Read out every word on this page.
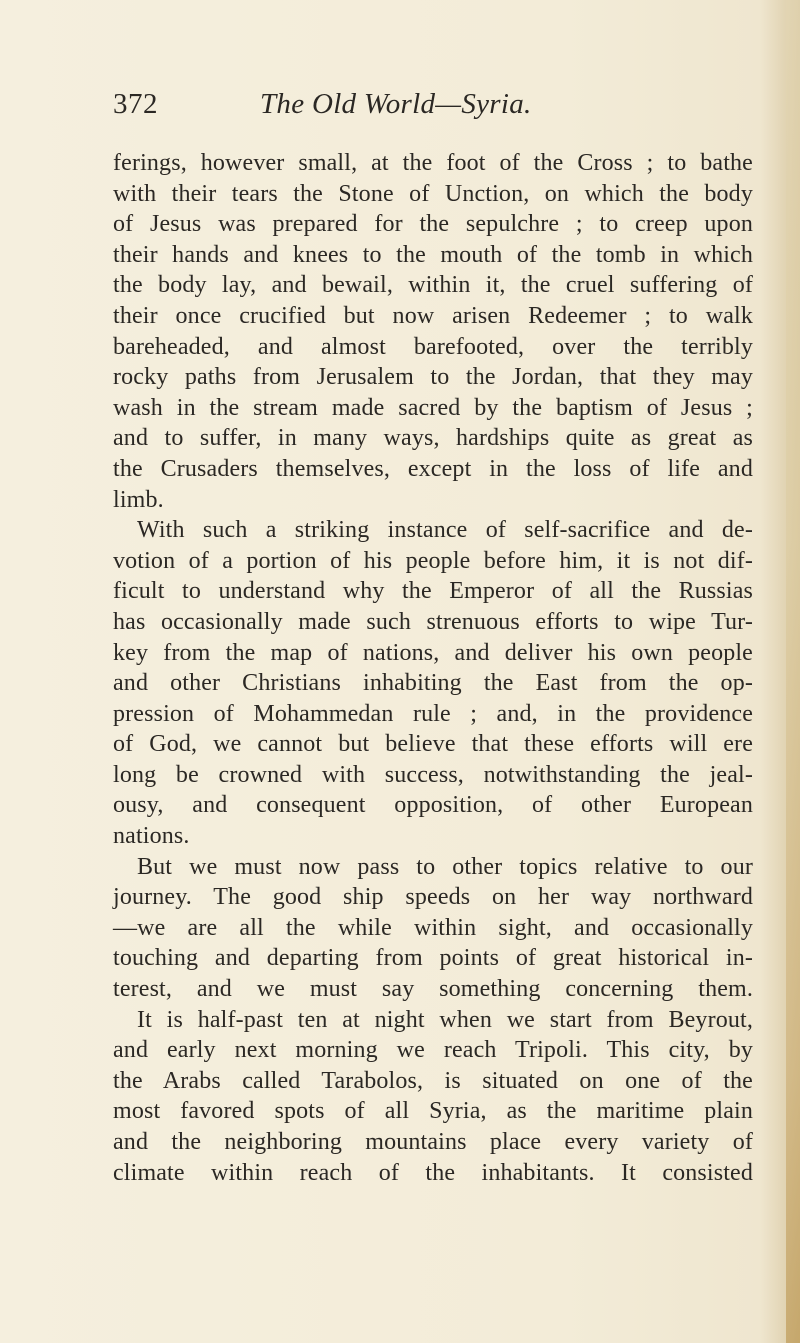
372	The Old World—Syria.
ferings, however small, at the foot of the Cross ; to bathe
with their tears the Stone of Unction, on which the body
of Jesus was prepared for the sepulchre ; to creep upon
their hands and knees to the mouth of the tomb in which
the body lay, and bewail, within it, the cruel suffering of
their once crucified but now arisen Redeemer ; to walk
bareheaded, and almost barefooted, over the terribly
rocky paths from Jerusalem to the Jordan, that they may
wash in the stream made sacred by the baptism of Jesus ;
and to suffer, in many ways, hardships quite as great as
the Crusaders themselves, except in the loss of life and
limb.
With such a striking instance of self-sacrifice and de-
votion of a portion of his people before him, it is not dif-
ficult to understand why the Emperor of all the Russias
has occasionally made such strenuous efforts to wipe Tur-
key from the map of nations, and deliver his own people
and other Christians inhabiting the East from the op-
pression of Mohammedan rule ; and, in the providence
of God, we cannot but believe that these efforts will ere
long be crowned with success, notwithstanding the jeal-
ousy, and consequent opposition, of other European
nations.
But we must now pass to other topics relative to our
journey. The good ship speeds on her way northward
—we are all the while within sight, and occasionally
touching and departing from points of great historical in-
terest, and we must say something concerning them.
It is half-past ten at night when we start from Beyrout,
and early next morning we reach Tripoli. This city, by
the Arabs called Tarabolos, is situated on one of the
most favored spots of all Syria, as the maritime plain
and the neighboring mountains place every variety of
climate within reach of the inhabitants. It consisted
